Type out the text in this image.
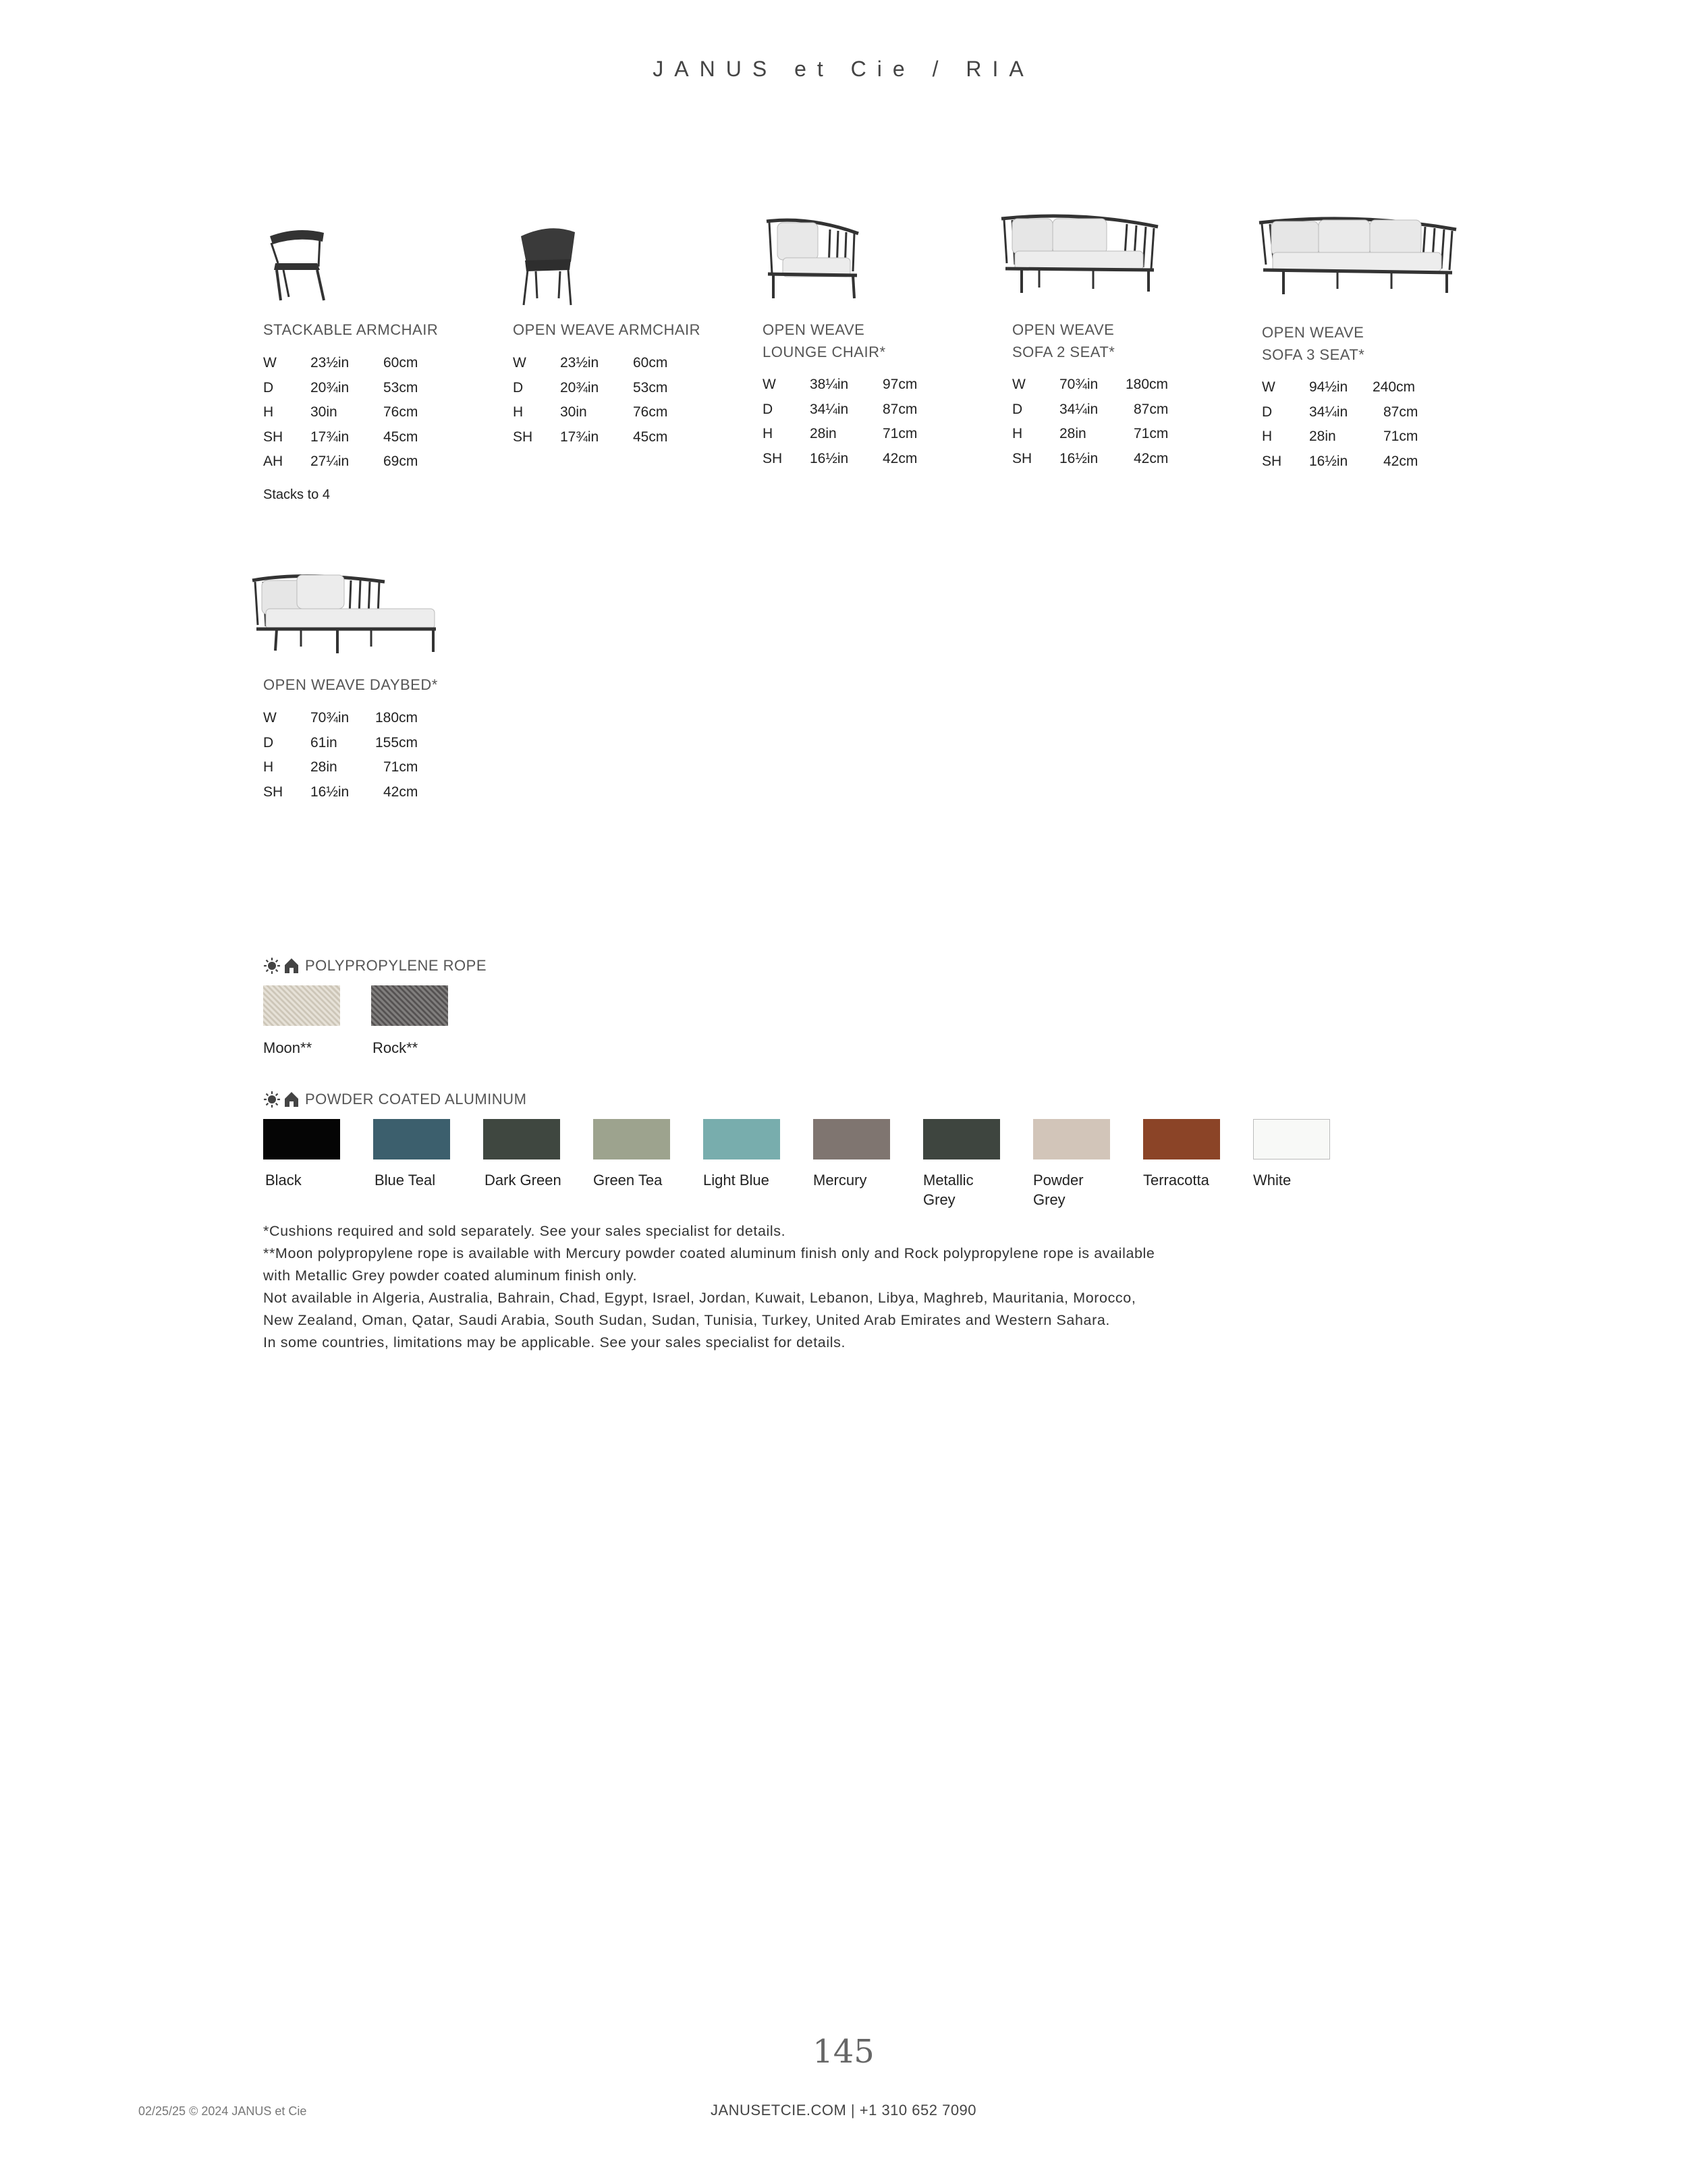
JANUS et Cie / RIA
STACKABLE ARMCHAIR
W 23½in 60cm
D	20¾in 53cm
H	30in	76cm
SH 17¾in 45cm
AH 27¼in 69cm
Stacks to 4
OPEN WEAVE ARMCHAIR
W 23½in 60cm
D	20¾in 53cm
H	30in	76cm
SH 17¾in 45cm
OPEN WEAVE
LOUNGE CHAIR*
W 38¼in 97cm
D	34¼in 87cm
H	28in	71cm
SH 16½in 42cm
OPEN WEAVE
SOFA 2 SEAT*
W 70¾in 180cm
D	34¼in	87cm
H	28in	71cm
SH 16½in	42cm
OPEN WEAVE
SOFA 3 SEAT*
W 94½in 240cm
D	34¼in	87cm
H	28in	71cm
SH 16½in	42cm
OPEN WEAVE DAYBED*
W 70¾in 180cm
D	61in	155cm
H	28in	71cm
SH 16½in 42cm
POLYPROPYLENE ROPE
Moon**	Rock**
POWDER COATED ALUMINUM
Black	Blue Teal	Dark Green	Green Tea	Light Blue	Mercury	Metallic Grey
Powder Grey
Terracotta	White
*Cushions required and sold separately. See your sales specialist for details.
**Moon polypropylene rope is available with Mercury powder coated aluminum finish only and Rock polypropylene rope is available
with Metallic Grey powder coated aluminum finish only.
Not available in Algeria, Australia, Bahrain, Chad, Egypt, Israel, Jordan, Kuwait, Lebanon, Libya, Maghreb, Mauritania, Morocco,
New Zealand, Oman, Qatar, Saudi Arabia, South Sudan, Sudan, Tunisia, Turkey, United Arab Emirates and Western Sahara.
In some countries, limitations may be applicable. See your sales specialist for details.
145
02/25/25 © 2024 JANUS et Cie	JANUSETCIE.COM | +1 310 652 7090
